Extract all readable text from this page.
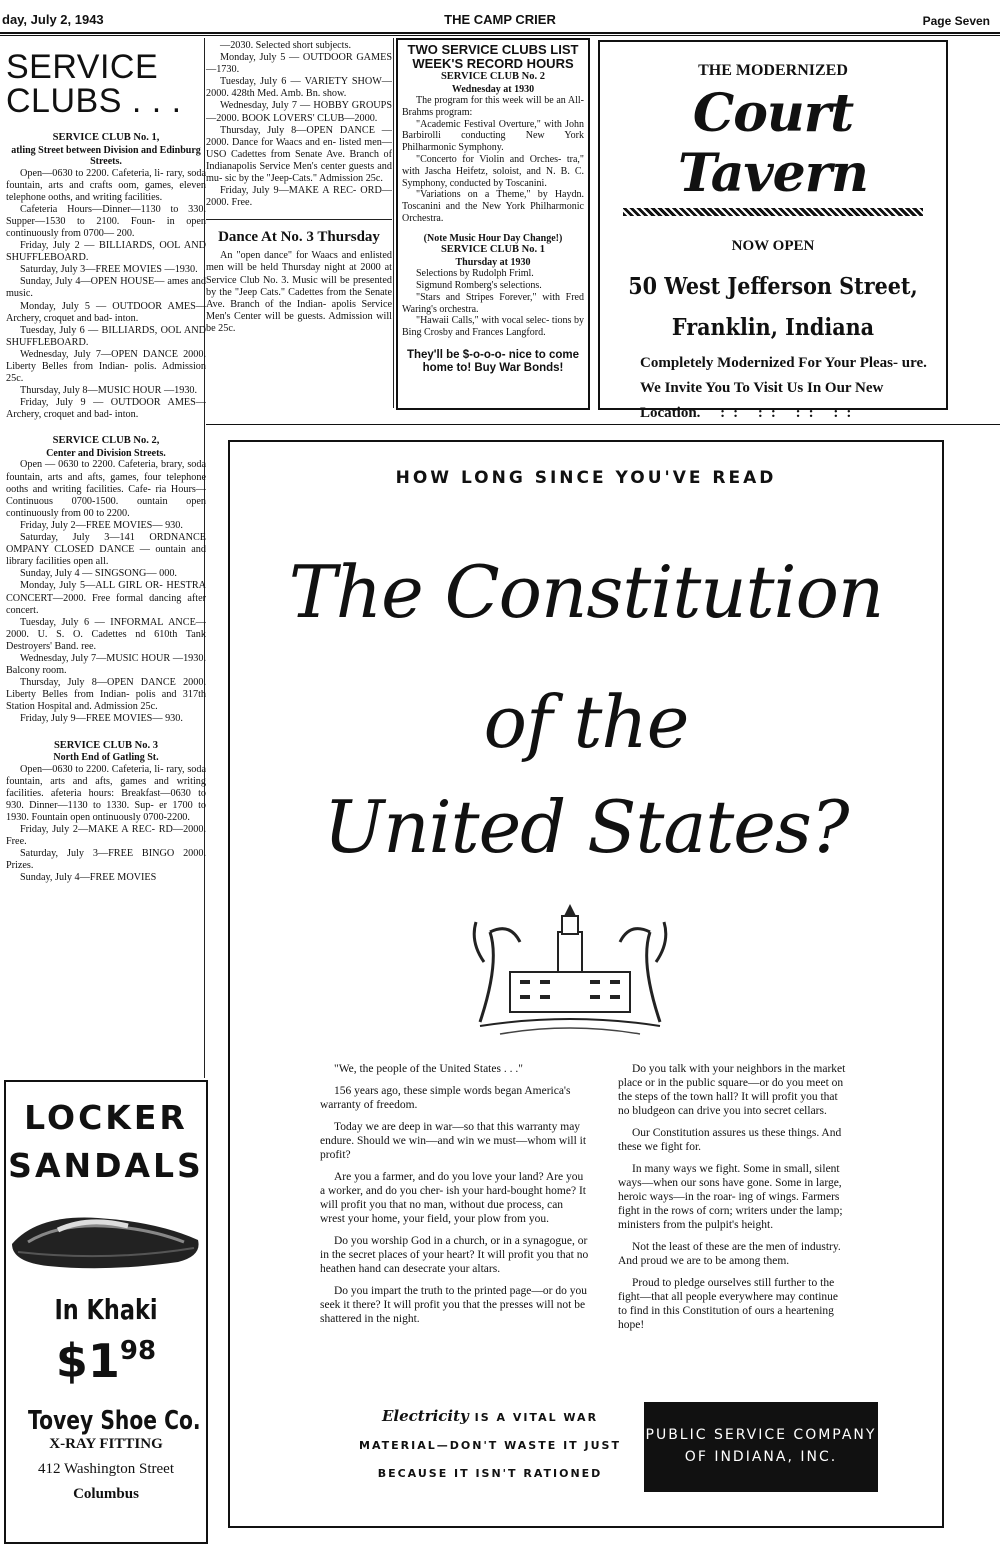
day, July 2, 1943	THE CAMP CRIER	Page Seven
SERVICE
CLUBS . . .
SERVICE CLUB No. 1,
atling Street between Division and Edinburg Streets.

Open—0630 to 2200. Cafeteria, li- rary, soda fountain, arts and crafts oom, games, eleven telephone ooths, and writing facilities.

Cafeteria Hours—Dinner—1130 to 330. Supper—1530 to 2100. Foun- in open continuously from 0700— 200.

Friday, July 2 — BILLIARDS, OOL AND SHUFFLEBOARD.

Saturday, July 3—FREE MOVIES —1930.

Sunday, July 4—OPEN HOUSE— ames and music.

Monday, July 5 — OUTDOOR AMES—Archery, croquet and bad- inton.

Tuesday, July 6 — BILLIARDS, OOL AND SHUFFLEBOARD.

Wednesday, July 7—OPEN DANCE 2000. Liberty Belles from Indian- polis. Admission 25c.

Thursday, July 8—MUSIC HOUR —1930.

Friday, July 9 — OUTDOOR AMES—Archery, croquet and bad- inton.

SERVICE CLUB No. 2,
Center and Division Streets.

Open — 0630 to 2200. Cafeteria, brary, soda fountain, arts and afts, games, four telephone ooths and writing facilities. Cafe- ria Hours—Continuous 0700-1500. ountain open continuously from 00 to 2200.

Friday, July 2—FREE MOVIES— 930.

Saturday, July 3—141 ORDNANCE OMPANY CLOSED DANCE — ountain and library facilities open all.

Sunday, July 4 — SINGSONG— 000.

Monday, July 5—ALL GIRL OR- HESTRA CONCERT—2000. Free formal dancing after concert.

Tuesday, July 6 — INFORMAL ANCE—2000. U. S. O. Cadettes nd 610th Tank Destroyers' Band. ree.

Wednesday, July 7—MUSIC HOUR —1930. Balcony room.

Thursday, July 8—OPEN DANCE 2000. Liberty Belles from Indian- polis and 317th Station Hospital and. Admission 25c.

Friday, July 9—FREE MOVIES— 930.

SERVICE CLUB No. 3
North End of Gatling St.

Open—0630 to 2200. Cafeteria, li- rary, soda fountain, arts and afts, games and writing facilities. afeteria hours: Breakfast—0630 to 930. Dinner—1130 to 1330. Sup- er 1700 to 1930. Fountain open ontinuously 0700-2200.

Friday, July 2—MAKE A REC- RD—2000. Free.

Saturday, July 3—FREE BINGO 2000. Prizes.

Sunday, July 4—FREE MOVIES

—2030. Selected short subjects.

Monday, July 5 — OUTDOOR GAMES—1730.

Tuesday, July 6 — VARIETY SHOW—2000. 428th Med. Amb. Bn. show.

Wednesday, July 7 — HOBBY GROUPS—2000. BOOK LOVERS' CLUB—2000.

Thursday, July 8—OPEN DANCE —2000. Dance for Waacs and en- listed men—USO Cadettes from Senate Ave. Branch of Indianapolis Service Men's center guests and mu- sic by the "Jeep-Cats." Admission 25c.

Friday, July 9—MAKE A REC- ORD—2000. Free.

Dance At No. 3 Thursday

An "open dance" for Waacs and enlisted men will be held Thursday night at 2000 at Service Club No. 3. Music will be presented by the "Jeep Cats." Cadettes from the Senate Ave. Branch of the Indian- apolis Service Men's Center will be guests. Admission will be 25c.

TWO SERVICE CLUBS LIST WEEK'S RECORD HOURS
SERVICE CLUB No. 2
Wednesday at 1930

The program for this week will be an All-Brahms program:

"Academic Festival Overture," with John Barbirolli conducting New York Philharmonic Symphony.

"Concerto for Violin and Orches- tra," with Jascha Heifetz, soloist, and N. B. C. Symphony, conducted by Toscanini.

"Variations on a Theme," by Haydn. Toscanini and the New York Philharmonic Orchestra.

(Note Music Hour Day Change!)
SERVICE CLUB No. 1
Thursday at 1930

Selections by Rudolph Friml.

Sigmund Romberg's selections.

"Stars and Stripes Forever," with Fred Waring's orchestra.

"Hawaii Calls," with vocal selec- tions by Bing Crosby and Frances Langford.

They'll be $-o-o-o- nice to come home to! Buy War Bonds!
THE MODERNIZED
Court Tavern
NOW OPEN
50 West Jefferson Street,
Franklin, Indiana
Completely Modernized For Your Pleas- ure. We Invite You To Visit Us In Our New Location. :: :: :: ::
LOCKER
SANDALS
In Khaki
$\$1^{98}$
Tovey Shoe Co.
X-RAY FITTING
412 Washington Street
Columbus
HOW LONG SINCE YOU'VE READ
The Constitution
of the
United States?

"We, the people of the United States . . ."

156 years ago, these simple words began America's warranty of freedom.

Today we are deep in war—so that this warranty may endure. Should we win—and win we must—whom will it profit?

Are you a farmer, and do you love your land? Are you a worker, and do you cher- ish your hard-bought home? It will profit you that no man, without due process, can wrest your home, your field, your plow from you.

Do you worship God in a church, or in a synagogue, or in the secret places of your heart? It will profit you that no heathen hand can desecrate your altars.

Do you impart the truth to the printed page—or do you seek it there? It will profit you that the presses will not be shattered in the night.

Do you talk with your neighbors in the market place or in the public square—or do you meet on the steps of the town hall? It will profit you that no bludgeon can drive you into secret cellars.

Our Constitution assures us these things. And these we fight for.

In many ways we fight. Some in small, silent ways—when our sons have gone. Some in large, heroic ways—in the roar- ing of wings. Farmers fight in the rows of corn; writers under the lamp; ministers from the pulpit's height.

Not the least of these are the men of industry. And proud we are to be among them.

Proud to pledge ourselves still further to the fight—that all people everywhere may continue to find in this Constitution of ours a heartening hope!

Electricity IS A VITAL WAR
MATERIAL—DON'T WASTE IT JUST
BECAUSE IT ISN'T RATIONED
PUBLIC SERVICE COMPANY
OF INDIANA, INC.
